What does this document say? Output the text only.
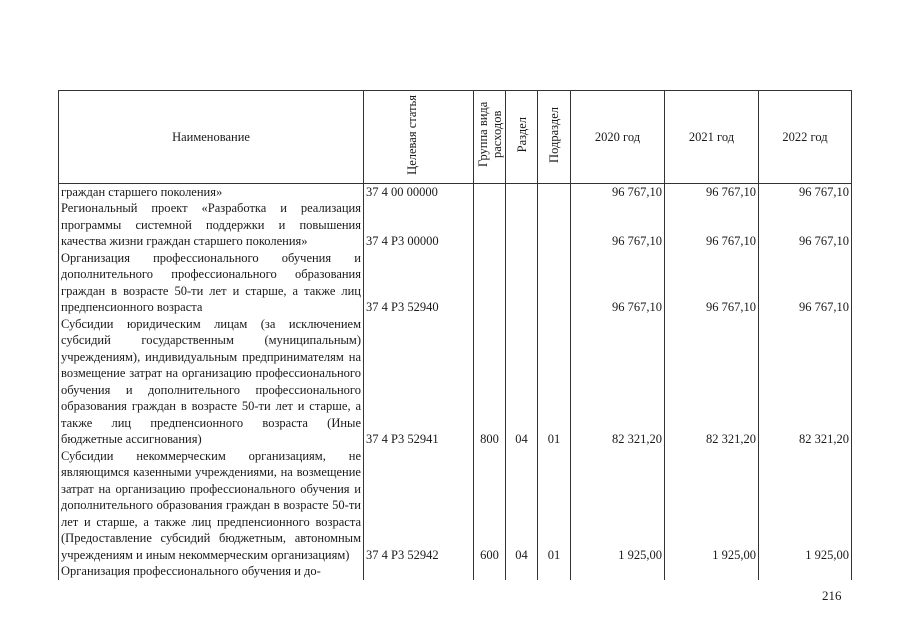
Наименование	Целевая статья	Группа вида расходов	Раздел	Подраздел	2020 год	2021 год	2022 год
граждан старшего поколения»	37 4 00 00000				96 767,10	96 767,10	96 767,10
Региональный проект «Разработка и реализация программы системной поддержки и повышения качества жизни граждан старшего поколения»	37 4 P3 00000				96 767,10	96 767,10	96 767,10
Организация профессионального обучения и дополнительного профессионального образования граждан в возрасте 50-ти лет и старше, а также лиц предпенсионного возраста	37 4 P3 52940				96 767,10	96 767,10	96 767,10
Субсидии юридическим лицам (за исключением субсидий государственным (муниципальным) учреждениям), индивидуальным предпринимателям на возмещение затрат на организацию профессионального обучения и дополнительного профессионального образования граждан в возрасте 50-ти лет и старше, а также лиц предпенсионного возраста (Иные бюджетные ассигнования)	37 4 P3 52941	800	04	01	82 321,20	82 321,20	82 321,20
Субсидии некоммерческим организациям, не являющимся казенными учреждениями, на возмещение затрат на организацию профессионального обучения и дополнительного образования граждан в возрасте 50-ти лет и старше, а также лиц предпенсионного возраста (Предоставление субсидий бюджетным, автономным учреждениям и иным некоммерческим организациям)	37 4 P3 52942	600	04	01	1 925,00	1 925,00	1 925,00
Организация профессионального обучения и до-							
216
